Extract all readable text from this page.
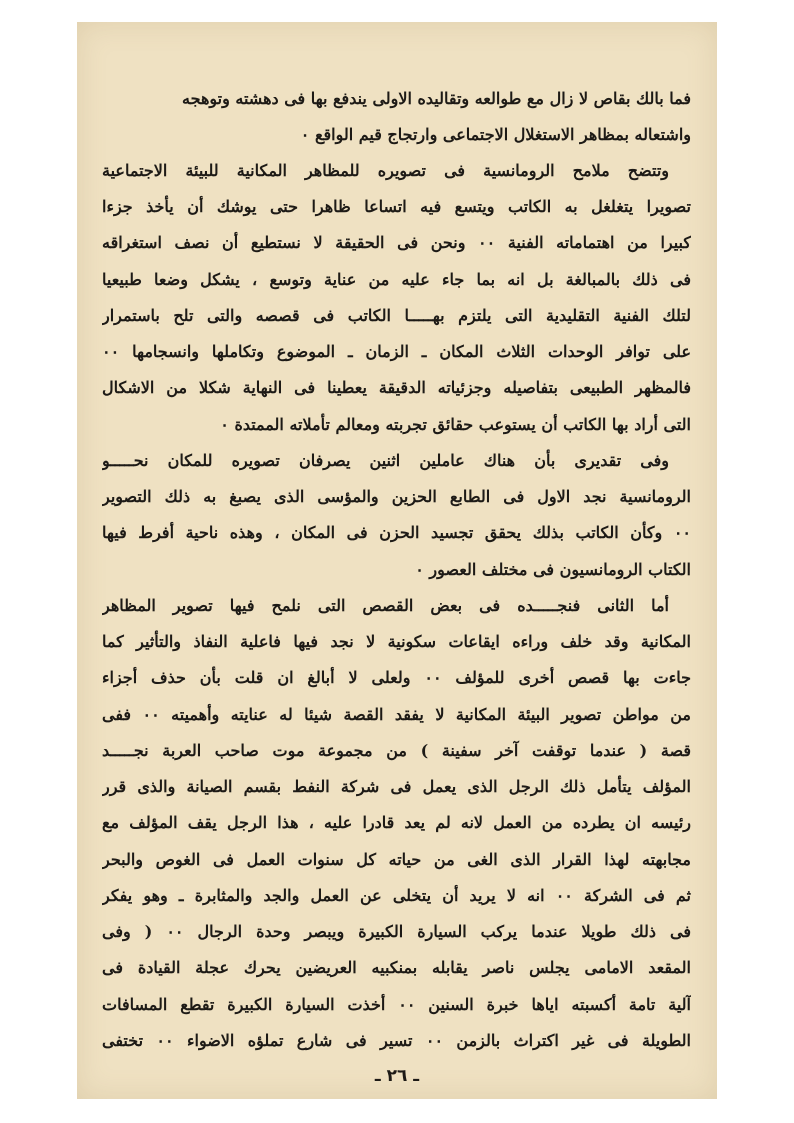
فما بالك بقاص لا زال مع طوالعه وتقاليده الاولى يندفع بها فى دهشته وتوهجه
واشتعاله بمظاهر الاستغلال الاجتماعى وارتجاج قيم الواقع ٠
وتتضح ملامح الرومانسية فى تصويره للمظاهر المكانية للبيئة الاجتماعية
تصويرا يتغلغل به الكاتب ويتسع فيه اتساعا ظاهرا حتى يوشك أن يأخذ جزءا
كبيرا من اهتماماته الفنية ٠٠ ونحن فى الحقيقة لا نستطيع أن نصف استغراقه
فى ذلك بالمبالغة بل انه بما جاء عليه من عناية وتوسع ، يشكل وضعا طبيعيا
لتلك الفنية التقليدية التى يلتزم بهـــــا الكاتب فى قصصه والتى تلح باستمرار
على توافر الوحدات الثلاث المكان ـ الزمان ـ الموضوع وتكاملها وانسجامها ٠٠
فالمظهر الطبيعى بتفاصيله وجزئياته الدقيقة يعطينا فى النهاية شكلا من الاشكال
التى أراد بها الكاتب أن يستوعب حقائق تجربته ومعالم تأملاته الممتدة ٠
وفى تقديرى بأن هناك عاملين اثنين يصرفان تصويره للمكان نحـــــو
الرومانسية نجد الاول فى الطابع الحزين والمؤسى الذى يصبغ به ذلك التصوير
٠٠ وكأن الكاتب بذلك يحقق تجسيد الحزن فى المكان ، وهذه ناحية أفرط فيها
الكتاب الرومانسيون فى مختلف العصور ٠
أما الثانى فنجـــــده فى بعض القصص التى نلمح فيها تصوير المظاهر
المكانية وقد خلف وراءه ايقاعات سكونية لا نجد فيها فاعلية النفاذ والتأثير كما
جاءت بها قصص أخرى للمؤلف ٠٠ ولعلى لا أبالغ ان قلت بأن حذف أجزاء
من مواطن تصوير البيئة المكانية لا يفقد القصة شيئا له عنايته وأهميته ٠٠ ففى
قصة ( عندما توقفت آخر سفينة ) من مجموعة موت صاحب العربة نجـــــد
المؤلف يتأمل ذلك الرجل الذى يعمل فى شركة النفط بقسم الصيانة والذى قرر
رئيسه ان يطرده من العمل لانه لم يعد قادرا عليه ، هذا الرجل يقف المؤلف مع
مجابهته لهذا القرار الذى الغى من حياته كل سنوات العمل فى الغوص والبحر
ثم فى الشركة ٠٠ انه لا يريد أن يتخلى عن العمل والجد والمثابرة ـ وهو يفكر
فى ذلك طويلا عندما يركب السيارة الكبيرة ويبصر وحدة الرجال ٠٠ ( وفى
المقعد الامامى يجلس ناصر يقابله بمنكبيه العريضين يحرك عجلة القيادة فى
آلية تامة أكسبته اياها خبرة السنين ٠٠ أخذت السيارة الكبيرة تقطع المسافات
الطويلة فى غير اكتراث بالزمن ٠٠ تسير فى شارع تملؤه الاضواء ٠٠ تختفى
ـ ٢٦ ـ
